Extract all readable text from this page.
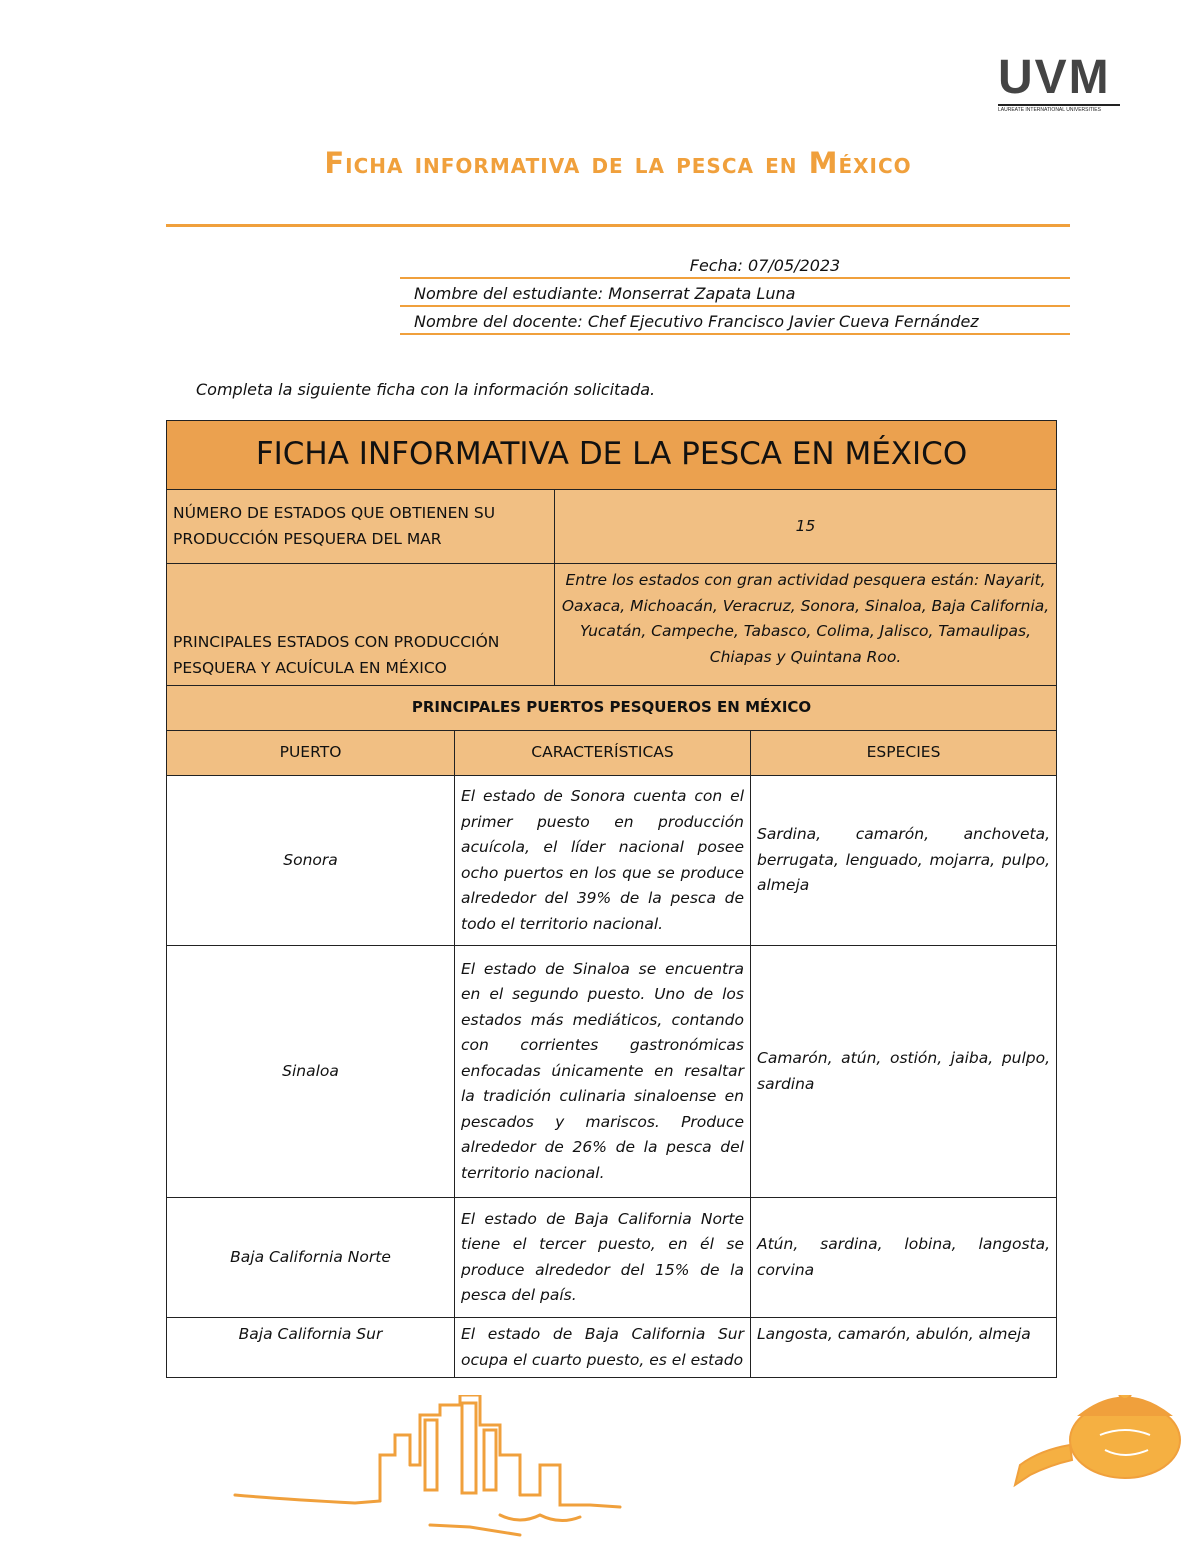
UVM
LAUREATE INTERNATIONAL UNIVERSITIES
Ficha informativa de la pesca en México
Fecha: 07/05/2023
Nombre del estudiante: Monserrat Zapata Luna
Nombre del docente: Chef Ejecutivo Francisco Javier Cueva Fernández
Completa la siguiente ficha con la información solicitada.
FICHA INFORMATIVA DE LA PESCA EN MÉXICO			
NÚMERO DE ESTADOS QUE OBTIENEN SU PRODUCCIÓN PESQUERA DEL MAR		15	
PRINCIPALES ESTADOS CON PRODUCCIÓN PESQUERA Y ACUÍCULA EN MÉXICO		Entre los estados con gran actividad pesquera están: Nayarit, Oaxaca, Michoacán, Veracruz, Sonora, Sinaloa, Baja California, Yucatán, Campeche, Tabasco, Colima, Jalisco, Tamaulipas, Chiapas y Quintana Roo.	
PRINCIPALES PUERTOS PESQUEROS EN MÉXICO			
PUERTO	CARACTERÍSTICAS		ESPECIES
Sonora	El estado de Sonora cuenta con el primer puesto en producción acuícola, el líder nacional posee ocho puertos en los que se produce alrededor del 39% de la pesca de todo el territorio nacional.		Sardina, camarón, anchoveta, berrugata, lenguado, mojarra, pulpo, almeja
Sinaloa	El estado de Sinaloa se encuentra en el segundo puesto. Uno de los estados más mediáticos, contando con corrientes gastronómicas enfocadas únicamente en resaltar la tradición culinaria sinaloense en pescados y mariscos. Produce alrededor de 26% de la pesca del territorio nacional.		Camarón, atún, ostión, jaiba, pulpo, sardina
Baja California Norte	El estado de Baja California Norte tiene el tercer puesto, en él se produce alrededor del 15% de la pesca del país.		Atún, sardina, lobina, langosta, corvina
Baja California Sur	El estado de Baja California Sur ocupa el cuarto puesto, es el estado		Langosta, camarón, abulón, almeja
